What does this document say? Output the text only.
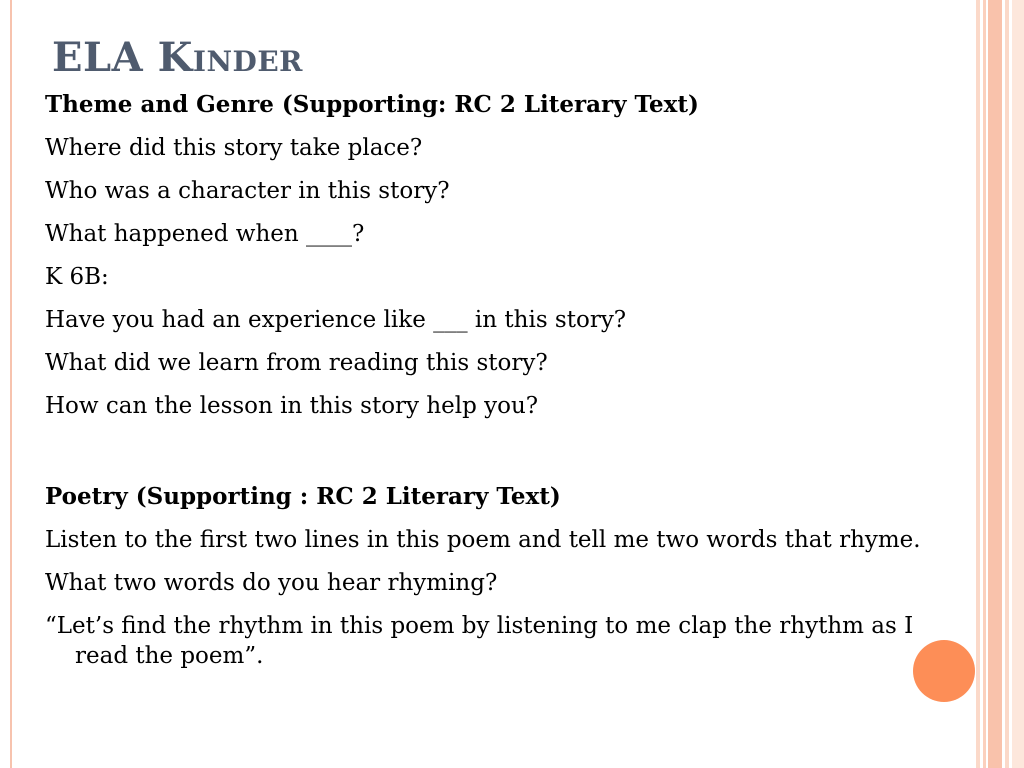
ELA Kinder
Theme and Genre (Supporting: RC 2 Literary Text)
Where did this story take place?
Who was a character in this story?
What happened when ____?
K 6B:
Have you had an experience like ___ in this story?
What did we learn from reading this story?
How can the lesson in this story help you?
Poetry (Supporting : RC 2 Literary Text)
Listen to the first two lines in this poem and tell me two words that rhyme.
What two words do you hear rhyming?
“Let’s find the rhythm in this poem by listening to me clap the rhythm as I read the poem”.
